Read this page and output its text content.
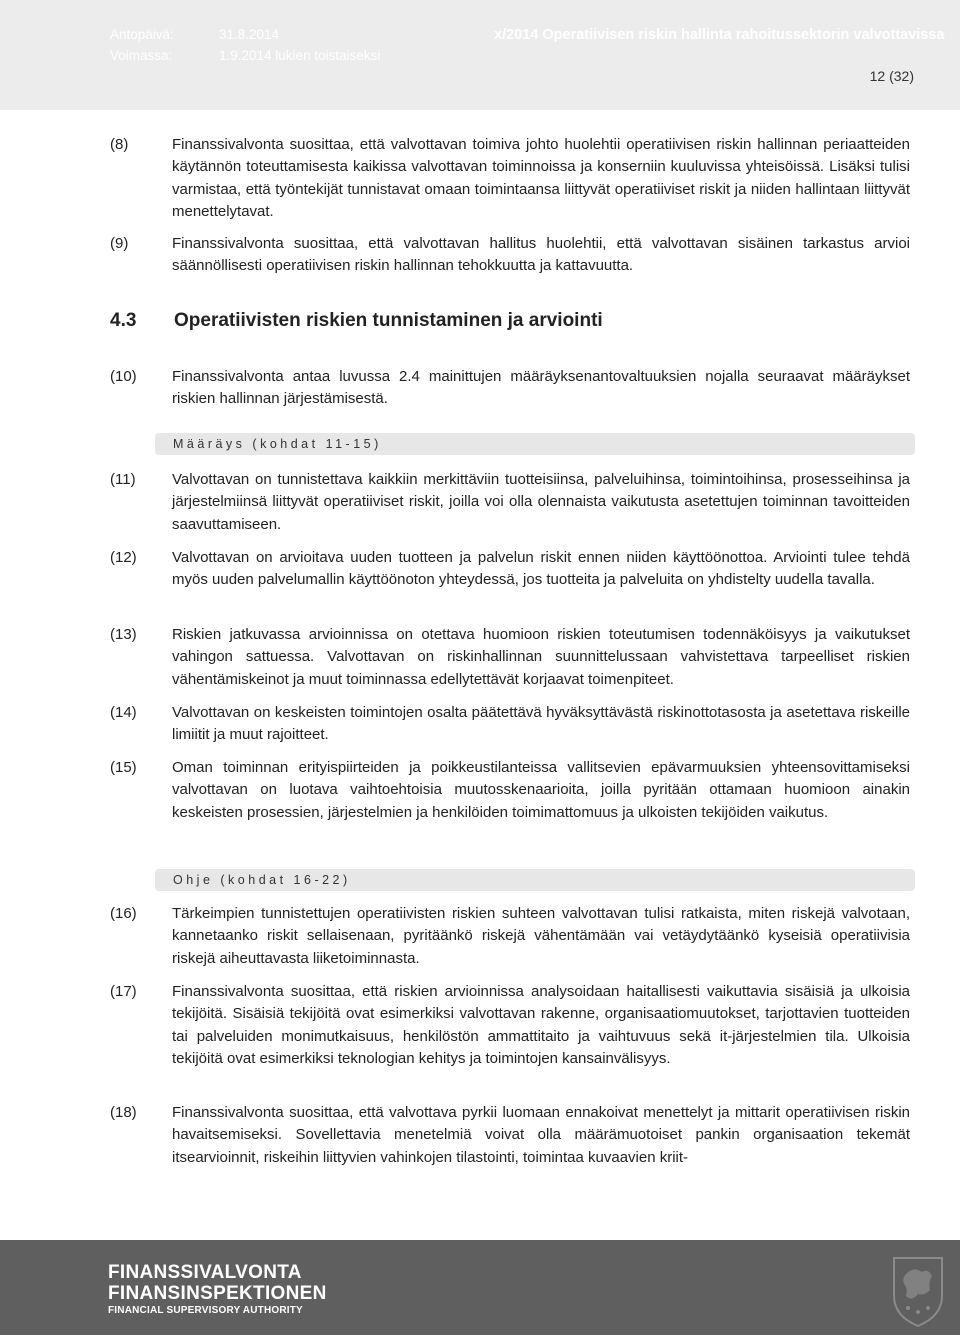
Antopäivä:	31.8.2014
Voimassa:	1.9.2014 lukien toistaiseksi
x/2014 Operatiivisen riskin hallinta rahoitussektorin valvottavissa
12 (32)
(8)	Finanssivalvonta suosittaa, että valvottavan toimiva johto huolehtii operatiivisen riskin hallinnan periaatteiden käytännön toteuttamisesta kaikissa valvottavan toiminnoissa ja konserniin kuuluvissa yhteisöissä. Lisäksi tulisi varmistaa, että työntekijät tunnistavat omaan toimintaansa liittyvät operatiiviset riskit ja niiden hallintaan liittyvät menettelytavat.
(9)	Finanssivalvonta suosittaa, että valvottavan hallitus huolehtii, että valvottavan sisäinen tarkastus arvioi säännöllisesti operatiivisen riskin hallinnan tehokkuutta ja kattavuutta.
4.3 Operatiivisten riskien tunnistaminen ja arviointi
(10) Finanssivalvonta antaa luvussa 2.4 mainittujen määräyksenantovaltuuksien nojalla seuraavat määräykset riskien hallinnan järjestämisestä.
Määräys (kohdat 11-15)
(11) Valvottavan on tunnistettava kaikkiin merkittäviin tuotteisiinsa, palveluihinsa, toimintoihinsa, prosesseihinsa ja järjestelmiinsä liittyvät operatiiviset riskit, joilla voi olla olennaista vaikutusta asetettujen toiminnan tavoitteiden saavuttamiseen.
(12) Valvottavan on arvioitava uuden tuotteen ja palvelun riskit ennen niiden käyttöönottoa. Arviointi tulee tehdä myös uuden palvelumallin käyttöönoton yhteydessä, jos tuotteita ja palveluita on yhdistelty uudella tavalla.
(13) Riskien jatkuvassa arvioinnissa on otettava huomioon riskien toteutumisen todennäköisyys ja vaikutukset vahingon sattuessa. Valvottavan on riskinhallinnan suunnittelussaan vahvistettava tarpeelliset riskien vähentämiskeinot ja muut toiminnassa edellytettävät korjaavat toimenpiteet.
(14) Valvottavan on keskeisten toimintojen osalta päätettävä hyväksyttävästä riskinottotasosta ja asetettava riskeille limiitit ja muut rajoitteet.
(15) Oman toiminnan erityispiirteiden ja poikkeustilanteissa vallitsevien epävarmuuksien yhteensovittamiseksi valvottavan on luotava vaihtoehtoisia muutosskenaarioita, joilla pyritään ottamaan huomioon ainakin keskeisten prosessien, järjestelmien ja henkilöiden toimimattomuus ja ulkoisten tekijöiden vaikutus.
Ohje (kohdat 16-22)
(16) Tärkeimpien tunnistettujen operatiivisten riskien suhteen valvottavan tulisi ratkaista, miten riskejä valvotaan, kannetaanko riskit sellaisenaan, pyritäänkö riskejä vähentämään vai vetäydytäänkö kyseisiä operatiivisia riskejä aiheuttavasta liiketoiminnasta.
(17) Finanssivalvonta suosittaa, että riskien arvioinnissa analysoidaan haitallisesti vaikuttavia sisäisiä ja ulkoisia tekijöitä. Sisäisiä tekijöitä ovat esimerkiksi valvottavan rakenne, organisaatiomuutokset, tarjottavien tuotteiden tai palveluiden monimutkaisuus, henkilöstön ammattitaito ja vaihtuvuus sekä it-järjestelmien tila. Ulkoisia tekijöitä ovat esimerkiksi teknologian kehitys ja toimintojen kansainvälisyys.
(18) Finanssivalvonta suosittaa, että valvottava pyrkii luomaan ennakoivat menettelyt ja mittarit operatiivisen riskin havaitsemiseksi. Sovellettavia menetelmiä voivat olla määrämuotoiset pankin organisaation tekemät itsearvioinnit, riskeihin liittyvien vahinkojen tilastointi, toimintaa kuvaavien kriit-
FINANSSIVALVONTA
FINANSINSPEKTIONEN
FINANCIAL SUPERVISORY AUTHORITY
